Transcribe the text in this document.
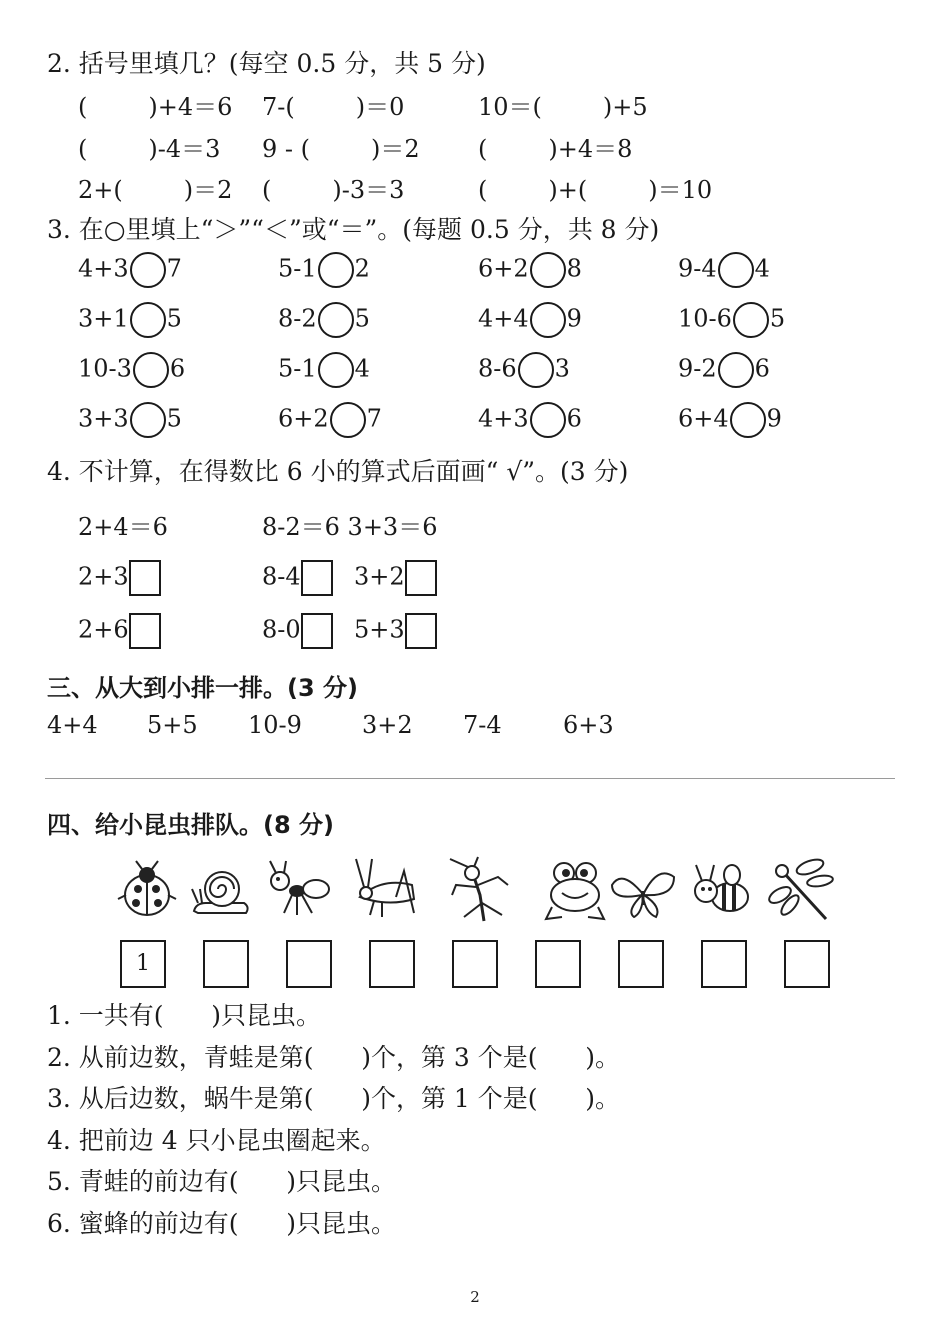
2. 括号里填几？(每空 0.5 分，共 5 分)
(        )+4＝6 7-(        )＝0	10＝(        )+5
(        )-4＝3 9 - (        )＝2 (        )+4＝8
2+(        )＝2 (        )-3＝3	(        )+(        )＝10
3. 在○里填上“＞”“＜”或“＝”。(每题 0.5 分，共 8 分)
4+3 7	5-1 2	6+2 8	9-4 4
3+1 5	8-2 5	4+4 9	10-6 5
10-3 6	5-1 4	8-6 3	9-2 6
3+3 5	6+2 7	4+3 6	6+4 9
4. 不计算，在得数比 6 小的算式后面画“ √”。(3 分)
2+4＝6	8-2＝6 3+3＝6
2+3	8-4	3+2
2+6	8-0	5+3
三、从大到小排一排。(3 分)
4+4 5+5 10-9	3+2 7-4	6+3
四、给小昆虫排队。(8 分)
1
1. 一共有(      )只昆虫。
2. 从前边数，青蛙是第(      )个，第 3 个是(      )。
3. 从后边数，蜗牛是第(      )个，第 1 个是(      )。
4. 把前边 4 只小昆虫圈起来。
5. 青蛙的前边有(      )只昆虫。
6. 蜜蜂的前边有(      )只昆虫。
2
